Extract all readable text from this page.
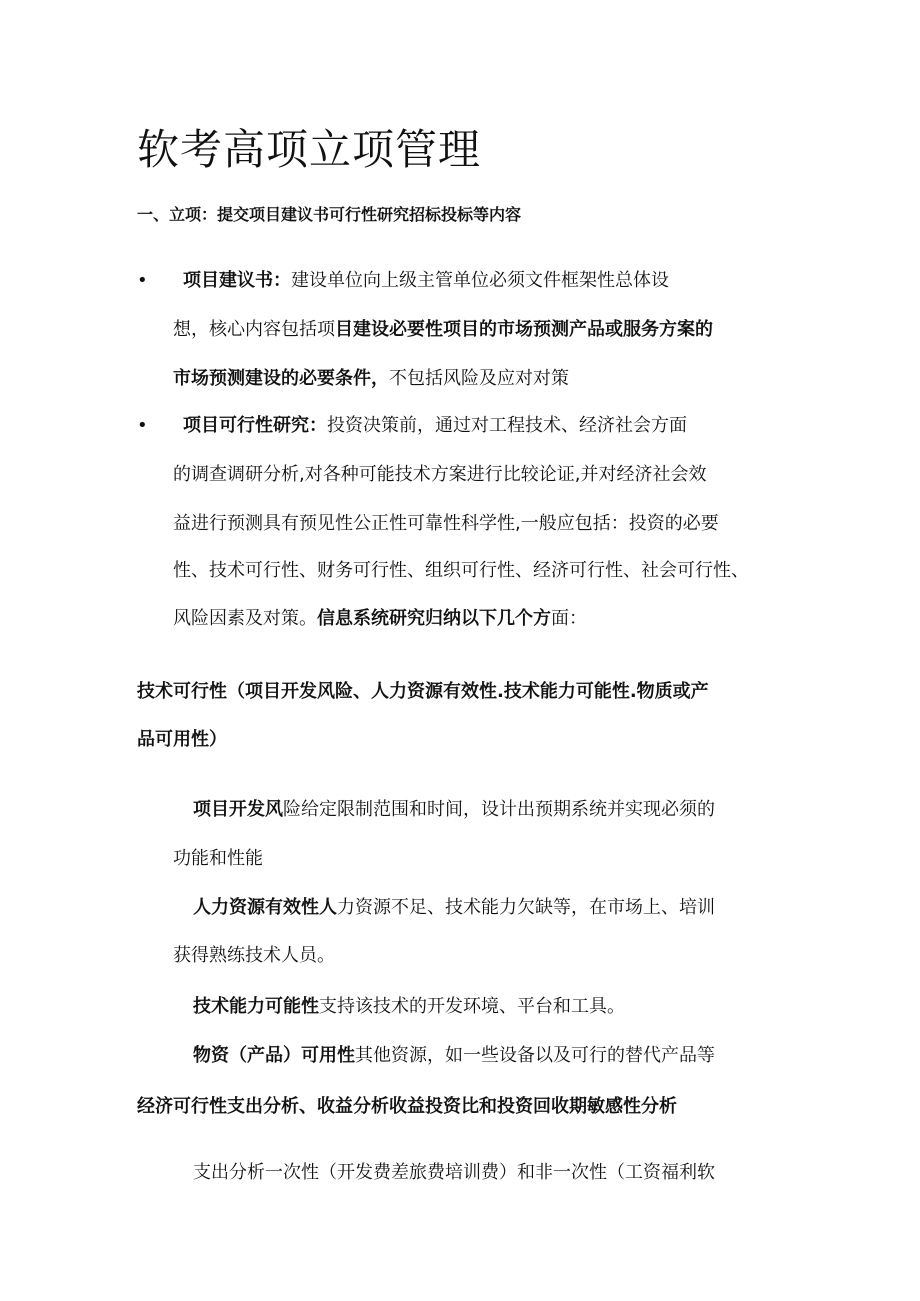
软考高项立项管理
一、立项：提交项目建议书可行性研究招标投标等内容
• 项目建议书：建设单位向上级主管单位必须文件框架性总体设
想，核心内容包括项目建设必要性项目的市场预测产品或服务方案的
市场预测建设的必要条件，不包括风险及应对对策
• 项目可行性研究：投资决策前，通过对工程技术、经济社会方面
的调查调研分析,对各种可能技术方案进行比较论证,并对经济社会效
益进行预测具有预见性公正性可靠性科学性,一般应包括：投资的必要
性、技术可行性、财务可行性、组织可行性、经济可行性、社会可行性、
风险因素及对策。信息系统研究归纳以下几个方面：
技术可行性（项目开发风险、人力资源有效性.技术能力可能性.物质或产
品可用性）
项目开发风险给定限制范围和时间，设计出预期系统并实现必须的
功能和性能
人力资源有效性人力资源不足、技术能力欠缺等，在市场上、培训
获得熟练技术人员。
技术能力可能性支持该技术的开发环境、平台和工具。
物资（产品）可用性其他资源，如一些设备以及可行的替代产品等
经济可行性支出分析、收益分析收益投资比和投资回收期敏感性分析
支出分析一次性（开发费差旅费培训费）和非一次性（工资福利软
